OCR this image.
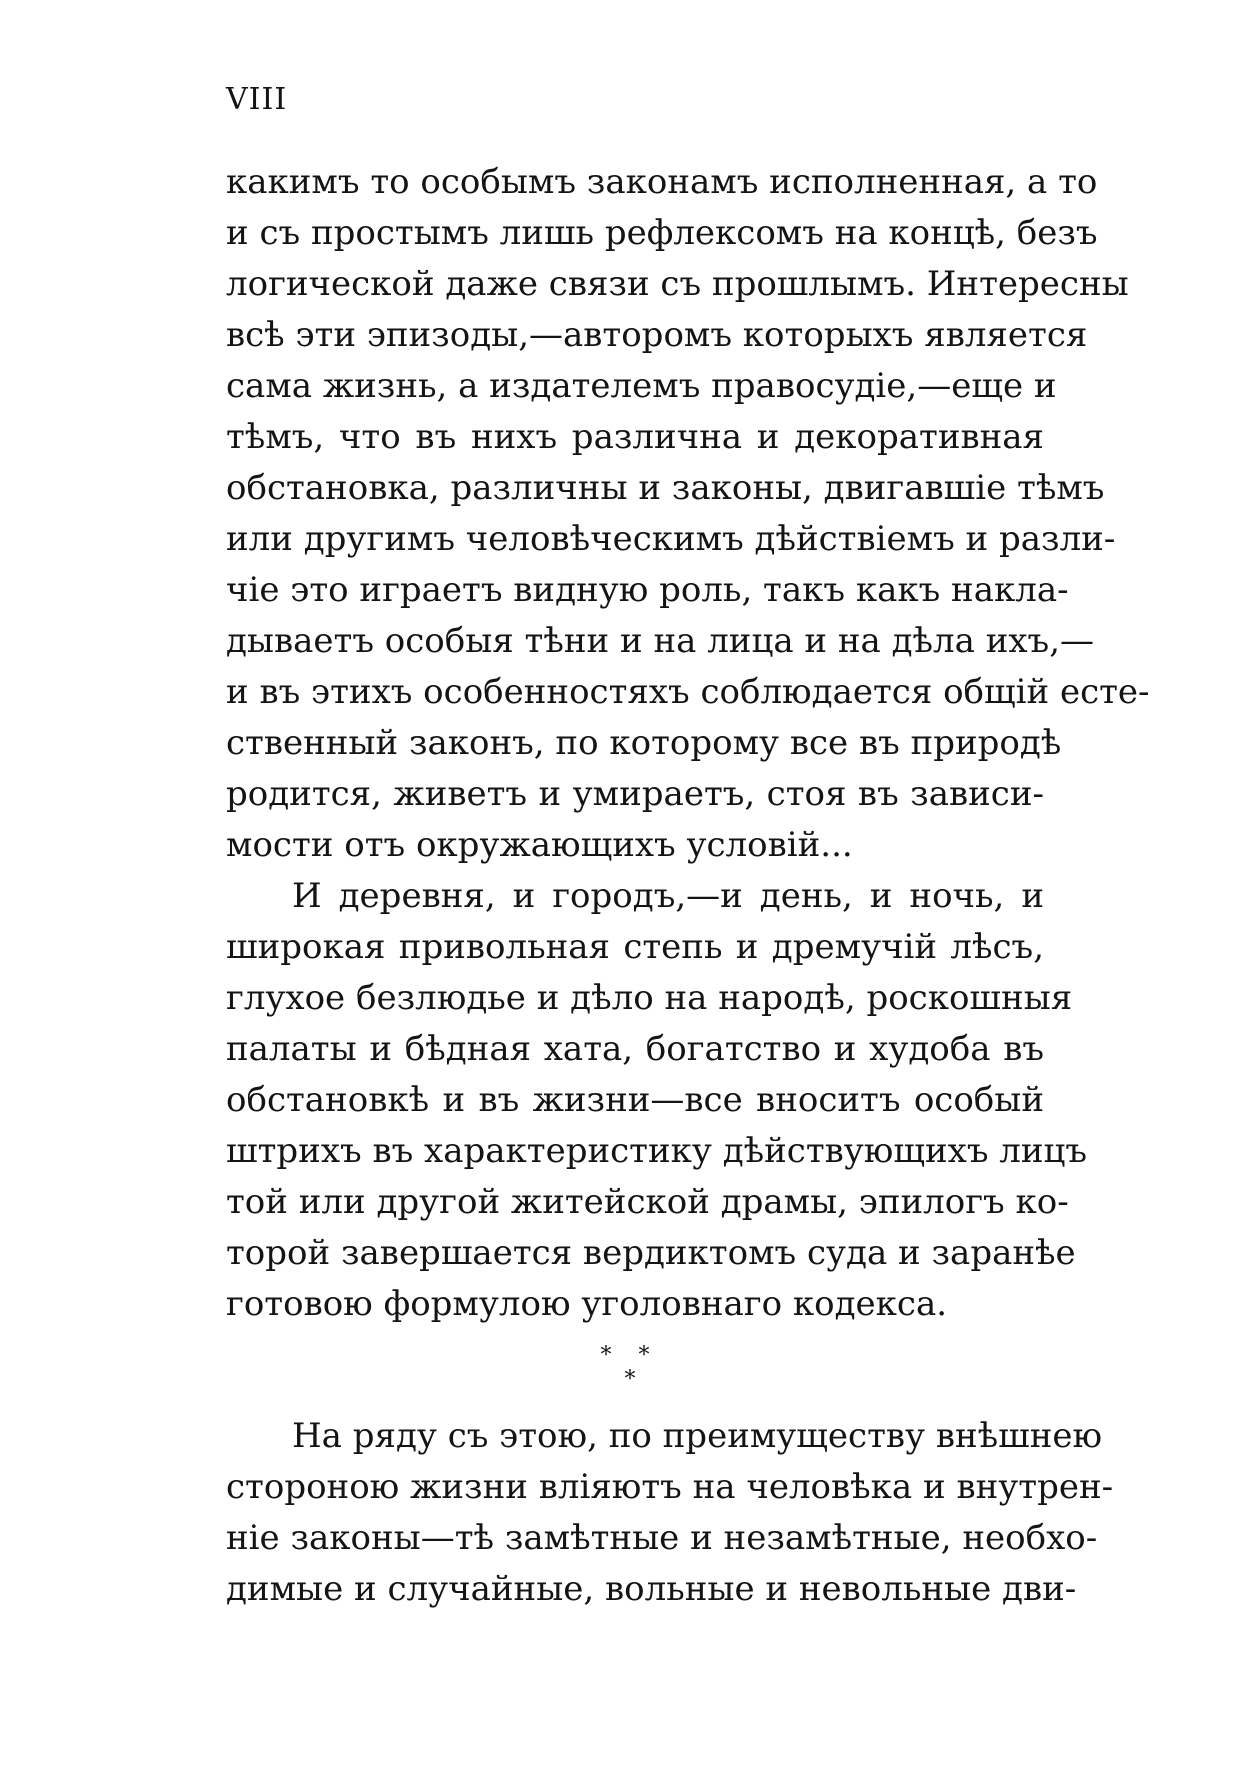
VIII
какимъ то особымъ законамъ исполненная, а то
и съ простымъ лишь рефлексомъ на концѣ, безъ
логической даже связи съ прошлымъ. Интересны
всѣ эти эпизоды,—авторомъ которыхъ является
сама жизнь, а издателемъ правосудіе,—еще и
тѣмъ, что въ нихъ различна и декоративная
обстановка, различны и законы, двигавшіе тѣмъ
или другимъ человѣческимъ дѣйствіемъ и разли-
чіе это играетъ видную роль, такъ какъ накла-
дываетъ особыя тѣни и на лица и на дѣла ихъ,—
и въ этихъ особенностяхъ соблюдается общій есте-
ственный законъ, по которому все въ природѣ
родится, живетъ и умираетъ, стоя въ зависи-
мости отъ окружающихъ условій...
И деревня, и городъ,—и день, и ночь, и
широкая привольная степь и дремучій лѣсъ,
глухое безлюдье и дѣло на народѣ, роскошныя
палаты и бѣдная хата, богатство и худоба въ
обстановкѣ и въ жизни—все вноситъ особый
штрихъ въ характеристику дѣйствующихъ лицъ
той или другой житейской драмы, эпилогъ ко-
торой завершается вердиктомъ суда и заранѣе
готовою формулою уголовнаго кодекса.
* *
*
На ряду съ этою, по преимуществу внѣшнею
стороною жизни вліяютъ на человѣка и внутрен-
ніе законы—тѣ замѣтные и незамѣтные, необхо-
димые и случайные, вольные и невольные дви-
